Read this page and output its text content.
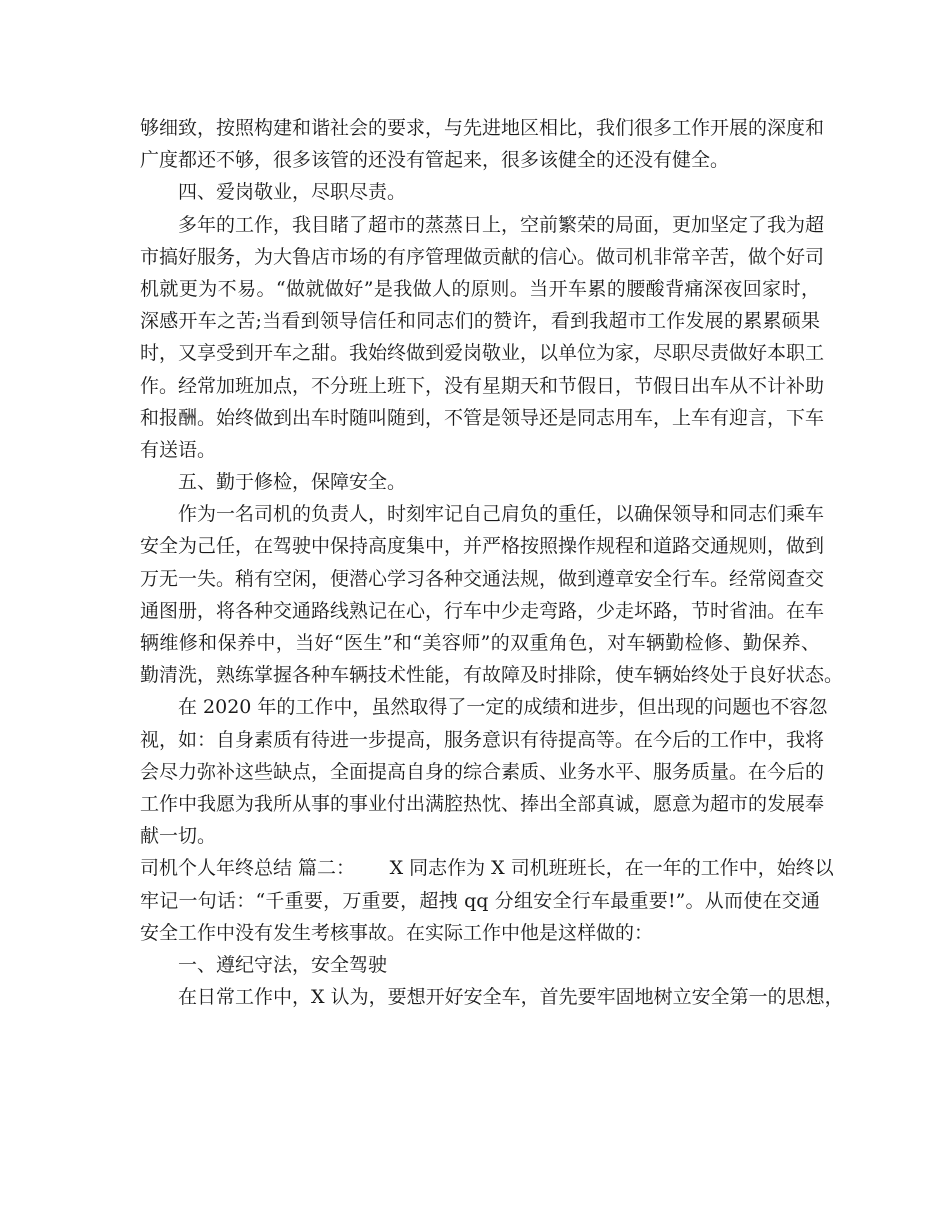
够细致，按照构建和谐社会的要求，与先进地区相比，我们很多工作开展的深度和
广度都还不够，很多该管的还没有管起来，很多该健全的还没有健全。
四、爱岗敬业，尽职尽责。
多年的工作，我目睹了超市的蒸蒸日上，空前繁荣的局面，更加坚定了我为超
市搞好服务，为大鲁店市场的有序管理做贡献的信心。做司机非常辛苦，做个好司
机就更为不易。“做就做好”是我做人的原则。当开车累的腰酸背痛深夜回家时，
深感开车之苦;当看到领导信任和同志们的赞许，看到我超市工作发展的累累硕果
时，又享受到开车之甜。我始终做到爱岗敬业，以单位为家，尽职尽责做好本职工
作。经常加班加点，不分班上班下，没有星期天和节假日，节假日出车从不计补助
和报酬。始终做到出车时随叫随到，不管是领导还是同志用车，上车有迎言，下车
有送语。
五、勤于修检，保障安全。
作为一名司机的负责人，时刻牢记自己肩负的重任，以确保领导和同志们乘车
安全为己任，在驾驶中保持高度集中，并严格按照操作规程和道路交通规则，做到
万无一失。稍有空闲，便潜心学习各种交通法规，做到遵章安全行车。经常阅查交
通图册，将各种交通路线熟记在心，行车中少走弯路，少走坏路，节时省油。在车
辆维修和保养中，当好“医生”和“美容师”的双重角色，对车辆勤检修、勤保养、
勤清洗，熟练掌握各种车辆技术性能，有故障及时排除，使车辆始终处于良好状态。
在 2020 年的工作中，虽然取得了一定的成绩和进步，但出现的问题也不容忽
视，如：自身素质有待进一步提高，服务意识有待提高等。在今后的工作中，我将
会尽力弥补这些缺点，全面提高自身的综合素质、业务水平、服务质量。在今后的
工作中我愿为我所从事的事业付出满腔热忱、捧出全部真诚，愿意为超市的发展奉
献一切。
司机个人年终总结 篇二：　　 X 同志作为 X 司机班班长，在一年的工作中，始终以
牢记一句话：“千重要，万重要，超拽 qq 分组安全行车最重要!”。从而使在交通
安全工作中没有发生考核事故。在实际工作中他是这样做的：
一、遵纪守法，安全驾驶
在日常工作中，X 认为，要想开好安全车，首先要牢固地树立安全第一的思想，
